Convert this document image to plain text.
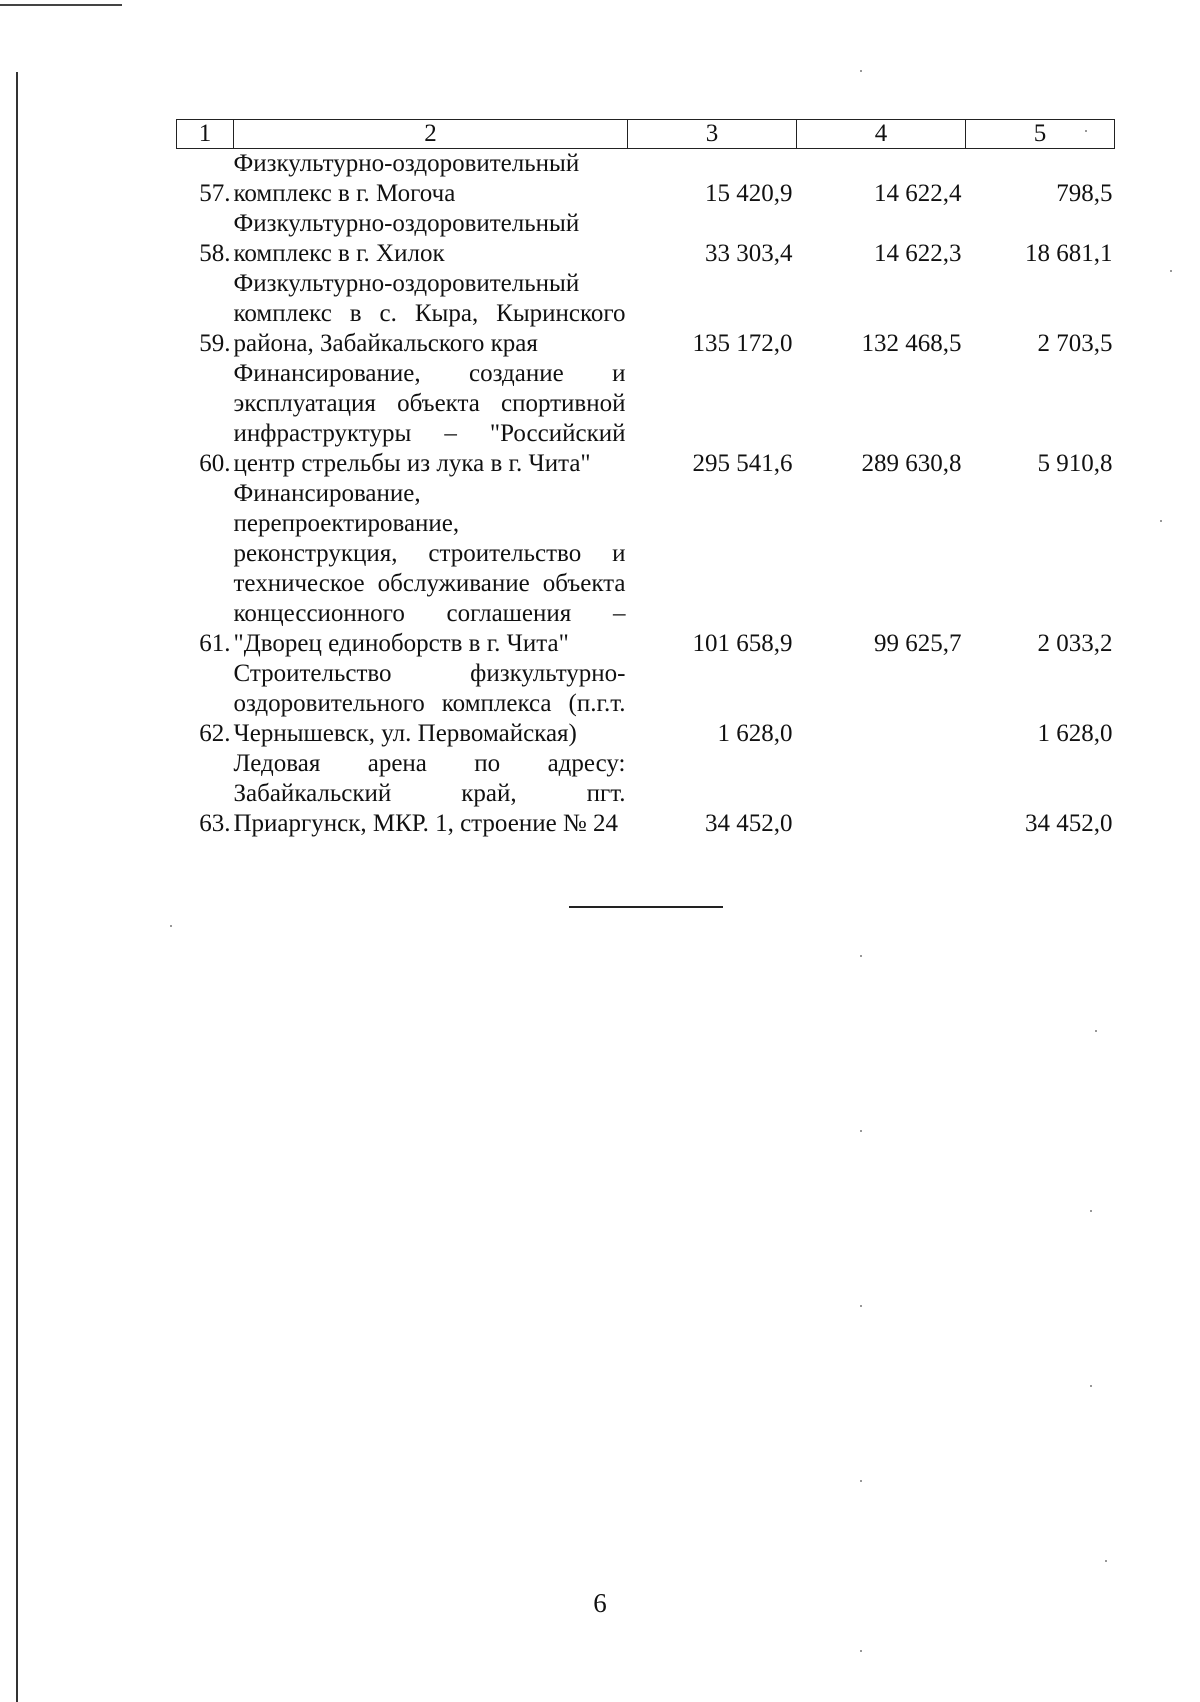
1	2	3	4	5
57.	Физкультурно-оздоровительный комплекс в г. Могоча	15 420,9	14 622,4	798,5
58.	Физкультурно-оздоровительный комплекс в г. Хилок	33 303,4	14 622,3	18 681,1
59.	Физкультурно-оздоровительный комплекс в с. Кыра, Кыринского района, Забайкальского края	135 172,0	132 468,5	2 703,5
60.	Финансирование, создание и эксплуатация объекта спортивной инфраструктуры – "Российский центр стрельбы из лука в г. Чита"	295 541,6	289 630,8	5 910,8
61.	Финансирование, перепроектирование, реконструкция, строительство и техническое обслуживание объекта концессионного соглашения – "Дворец единоборств в г. Чита"	101 658,9	99 625,7	2 033,2
62.	Строительство физкультурно-оздоровительного комплекса (п.г.т. Чернышевск, ул. Первомайская)	1 628,0		1 628,0
63.	Ледовая арена по адресу: Забайкальский край, пгт. Приаргунск, МКР. 1, строение № 24	34 452,0		34 452,0
6
